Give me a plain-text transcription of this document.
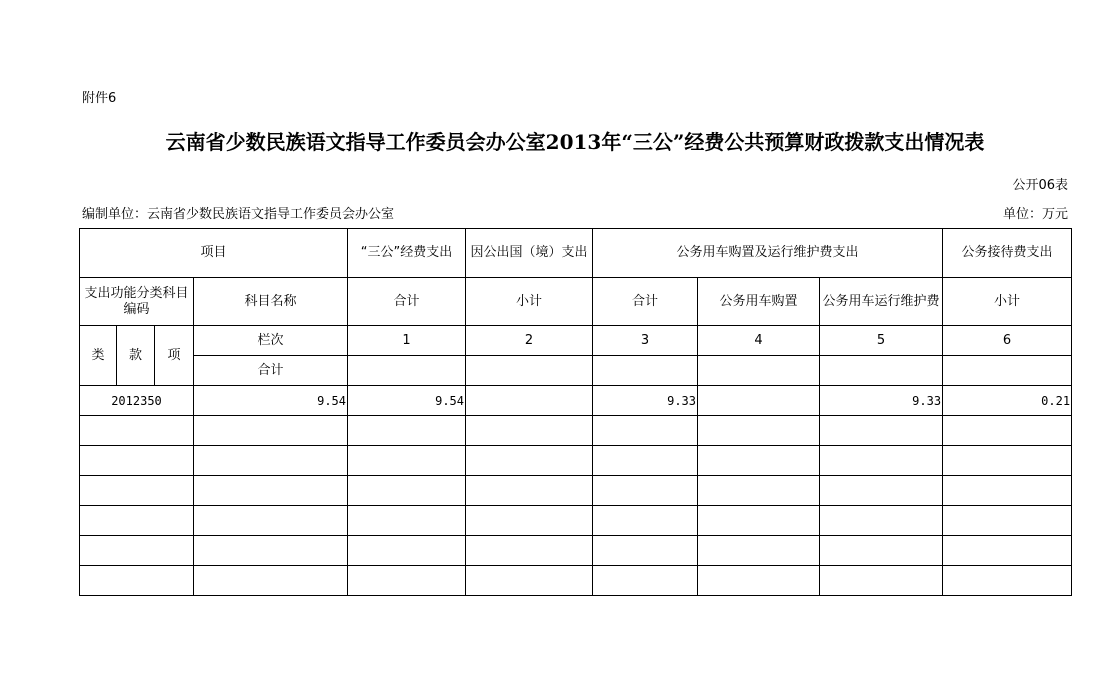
附件6
云南省少数民族语文指导工作委员会办公室2013年“三公”经费公共预算财政拨款支出情况表
公开06表
编制单位：云南省少数民族语文指导工作委员会办公室	单位：万元
项目				“三公”经费支出	因公出国（境）支出	公务用车购置及运行维护费支出			公务接待费支出
支出功能分类科目编码			科目名称	合计	小计	合计	公务用车购置	公务用车运行维护费	小计
类	款	项	栏次	1	2	3	4	5	6
			合计						
2012350			9.54	9.54		9.33		9.33	0.21
